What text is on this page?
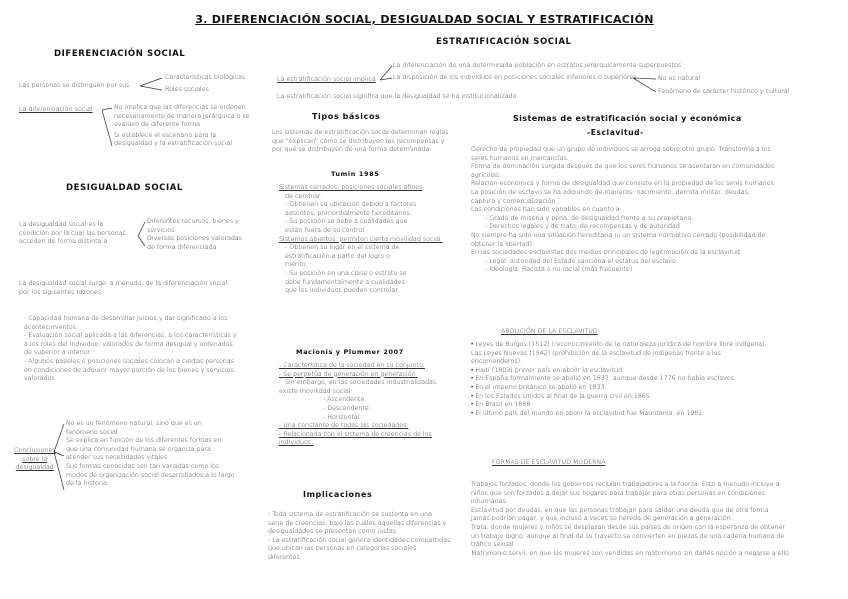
3. DIFERENCIACIÓN SOCIAL, DESIGUALDAD SOCIAL Y ESTRATIFICACIÓN
DIFERENCIACIÓN SOCIAL
Las personas se distinguen por sus
Características biológicas
Roles sociales
La diferenciación social	No implica que las diferencias se ordenen
necesariamente de manera jerárquica o se
evalúen de diferente forma.
Si establece el escenario para la
desigualdad y la estratificación social.
DESIGUALDAD SOCIAL
La desigualdad social es la
condición por la cual las personas
acceden de forma distinta a
Diferentes recursos, bienes y
servicios.
Diversas posiciones valoradas
de forma diferenciada.
La desigualdad social surge, a menudo, de la diferenciación social,
por los siguientes razones:
- Capacidad humana de desarrollar juicios y dar significado a los
acontecimientos.
- Evaluación social aplicada a las diferencias, a los características y
a los roles del individuo, valorados de forma desigual y ordenados
de superior a inferior.
- Algunos papeles o posiciones sociales colocan a ciertas personas
en condiciones de adquirir mayor porción de los bienes y servicios
valorados.
Conclusiones
sobre la
desigualdad
No es un fenómeno natural, sino que es un
fenómeno social.
Se explica en función de los diferentes formas en
que una comunidad humana se organiza para
atender sus necesidades vitales.
Sus formas conocidas son tan variadas como los
modos de organización social desarrollados a lo largo
de la historia.
ESTRATIFICACIÓN SOCIAL
La estratificación social implica
La diferenciación de una determinada población en estratos jerárquicamente superpuestos.
La disposición de los individuos en posiciones sociales inferiores o superiores.	No es natural
Fenómeno de carácter histórico y cultural
La estratificación social significa que la desigualdad se ha institucionalizado.
Tipos básicos
Los sistemas de estratificación social determinan reglas
que "explican" cómo se distribuyen las recompensas y
por qué se distribuyen de una forma determinada.
Tumin 1985
Sistemas cerrados: posiciones sociales afines
de cambiar.
- Obtienen su ubicación debido a factores
adscritos, primordialmente hereditarios.
- Su posición se debe a cualidades que
están fuera de su control.
Sistemas abiertos: permiten cierta movilidad social.
- Obtienen su lugar en el sistema de
estratificación a partir del logro o
mérito.
- Su posición en una clase o estrato se
debe fundamentalmente a cualidades
que los individuos pueden controlar.
Macionis y Plummer 2007
- Característica de la sociedad en su conjunto.
- Se perpetúa de generación en generación.
Sin embargo, en las sociedades industrializadas,
existe movilidad social:
- Ascendente.
- Descendente.
- Horizontal.
- Una constante de todas las sociedades.
- Relacionada con el sistema de creencias de los
individuos.
Implicaciones
- Toda sistema de estratificación se sustenta en una
serie de creencias, bajo las cuales aquellas diferencias y
desigualdades se presentan como justas.
- La estratificación social genera identidades compartidas
que ubican las personas en categorías sociales
diferentes.
Sistemas de estratificación social y económica
-Esclavitud-
Derecho de propiedad que un grupo de individuos se arroga sobre otro grupo. Transforma a los
seres humanos en mercancías.
Forma de dominación surgida después de que los seres humanos se asentaran en comunidades
agrícolas.
Relación económica y forma de desigualdad que consiste en la propiedad de los seres humanos.
La posición de esclavo se ha adquirido de maneras: nacimiento, derrota militar, deudas,
captura y comercialización.
Las condiciones han sido variables en cuanto a:
- Grado de miseria y pena, de desigualdad frente a su propietario.
- Derechos legales y de trato, de recompensas y de autoridad.
No siempre ha sido una situación hereditaria ni un sistema normativo cerrado (posibilidad de
obtener la libertad).
En las sociedades esclavistas dos medios principales de legitimación de la esclavitud:
- Legal: autoridad del Estado sanciona el estatus del esclavo.
- Ideología: Racista o no racial (más frecuente).
ABOLICIÓN DE LA ESCLAVITUD
• Leyes de Burgos (1512) (reconocimiento de la naturaleza jurídica de hombre libre indígena).
Las Leyes Nuevas (1542) (prohibición de la esclavitud de indígenas frente a los
encomenderos).
• Haití (1803) primer país en abolir la esclavitud.
• En España formalmente se abolió en 1837, aunque desde 1776 no había esclavos.
• En el imperio británico se abolió en 1833.
• En los Estados Unidos al final de la guerra civil en 1865.
• En Brasil en 1888.
• El último país del mundo en abolir la esclavitud fue Mauritania, en 1981.
FORMAS DE ESCLAVITUD MODERNA
Trabajos forzados, donde los gobiernos recluían trabajadores a la fuerza. Esto a menudo incluye a
niños que son forzados a dejar sus hogares para trabajar para otras personas en condiciones
inhumanas.
Esclavitud por deudas, en que las personas trabajan para saldar una deuda que de otra forma
jamás podrían pagar, y que incluso a veces se hereda de generación a generación.
Trata, donde mujeres y niños se desplazan desde sus países de origen con la esperanza de obtener
un trabajo digno, aunque al final de su trayecto se convierten en piezas de una cadena humana de
tráfico sexual.
Matrimonio servil, en que las mujeres son vendidas en matrimonio sin darles opción a negarse a ello.
